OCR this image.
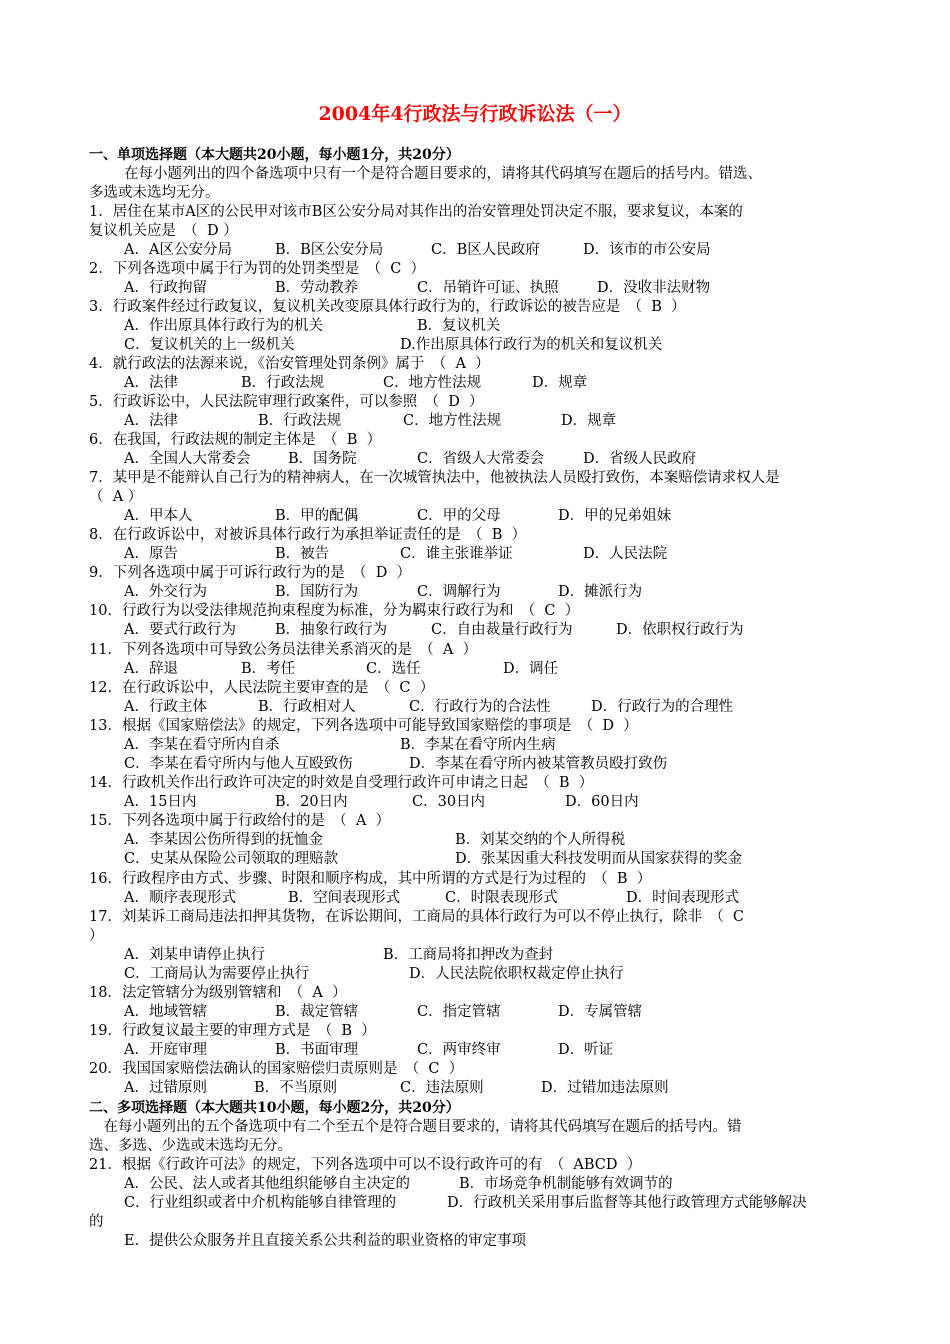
2004年4行政法与行政诉讼法（一）
一、单项选择题（本大题共20小题，每小题1分，共20分）
在每小题列出的四个备选项中只有一个是符合题目要求的，请将其代码填写在题后的括号内。错选、
多选或未选均无分。
1．居住在某市A区的公民甲对该市B区公安分局对其作出的治安管理处罚决定不服，要求复议，本案的
复议机关应是　（  D ）
A．A区公安分局	B．B区公安分局	C．B区人民政府	D．该市的市公安局
2．下列各选项中属于行为罚的处罚类型是　（  C  ）
A．行政拘留	B．劳动教养	C．吊销许可证、执照	D．没收非法财物
3．行政案件经过行政复议，复议机关改变原具体行政行为的，行政诉讼的被告应是　（  B  ）
A．作出原具体行政行为的机关	B．复议机关
C．复议机关的上一级机关	D.作出原具体行政行为的机关和复议机关
4．就行政法的法源来说，《治安管理处罚条例》属于　（  A  ）
A．法律	B．行政法规	C．地方性法规	D．规章
5．行政诉讼中，人民法院审理行政案件，可以参照　（  D  ）
A．法律	B．行政法规	C．地方性法规	D．规章
6．在我国，行政法规的制定主体是　（  B  ）
A．全国人大常委会	B．国务院	C．省级人大常委会	D．省级人民政府
7．某甲是不能辩认自己行为的精神病人，在一次城管执法中，他被执法人员殴打致伤，本案赔偿请求权人是
（  A ）
A．甲本人	B．甲的配偶	C．甲的父母	D．甲的兄弟姐妹
8．在行政诉讼中，对被诉具体行政行为承担举证责任的是　（  B  ）
A．原告	B．被告	C．谁主张谁举证	D．人民法院
9．下列各选项中属于可诉行政行为的是　（  D  ）
A．外交行为	B．国防行为	C．调解行为	D．摊派行为
10．行政行为以受法律规范拘束程度为标准，分为羁束行政行为和　（  C  ）
A．要式行政行为	B．抽象行政行为	C．自由裁量行政行为	D．依职权行政行为
11．下列各选项中可导致公务员法律关系消灭的是　（  A  ）
A．辞退	B．考任	C．选任	D．调任
12．在行政诉讼中，人民法院主要审查的是　（  C  ）
A．行政主体	B．行政相对人	C．行政行为的合法性	D．行政行为的合理性
13．根据《国家赔偿法》的规定，下列各选项中可能导致国家赔偿的事项是　（  D  ）
A．李某在看守所内自杀	B．李某在看守所内生病
C．李某在看守所内与他人互殴致伤	D．李某在看守所内被某管教员殴打致伤
14．行政机关作出行政许可决定的时效是自受理行政许可申请之日起　（  B  ）
A．15日内	B．20日内	C．30日内	D．60日内
15．下列各选项中属于行政给付的是　（  A  ）
A．李某因公伤所得到的抚恤金	B．刘某交纳的个人所得税
C．史某从保险公司领取的理赔款	D．张某因重大科技发明而从国家获得的奖金
16．行政程序由方式、步骤、时限和顺序构成，其中所谓的方式是行为过程的　（  B  ）
A．顺序表现形式	B．空间表现形式	C．时限表现形式	D．时间表现形式
17．刘某诉工商局违法扣押其货物，在诉讼期间，工商局的具体行政行为可以不停止执行，除非　（  C
）
A．刘某申请停止执行	B．工商局将扣押改为查封
C．工商局认为需要停止执行	D．人民法院依职权裁定停止执行
18．法定管辖分为级别管辖和　（  A  ）
A．地域管辖	B．裁定管辖	C．指定管辖	D．专属管辖
19．行政复议最主要的审理方式是　（  B  ）
A．开庭审理	B．书面审理	C．两审终审	D．听证
20．我国国家赔偿法确认的国家赔偿归责原则是　（  C  ）
A．过错原则	B．不当原则	C．违法原则	D．过错加违法原则
二、多项选择题（本大题共10小题，每小题2分，共20分）
　在每小题列出的五个备选项中有二个至五个是符合题目要求的，请将其代码填写在题后的括号内。错
选、多选、少选或未选均无分。
21．根据《行政许可法》的规定，下列各选项中可以不设行政许可的有　（  ABCD  ）
A．公民、法人或者其他组织能够自主决定的	B．市场竞争机制能够有效调节的
C．行业组织或者中介机构能够自律管理的	D．行政机关采用事后监督等其他行政管理方式能够解决
的
E．提供公众服务并且直接关系公共利益的职业资格的审定事项
